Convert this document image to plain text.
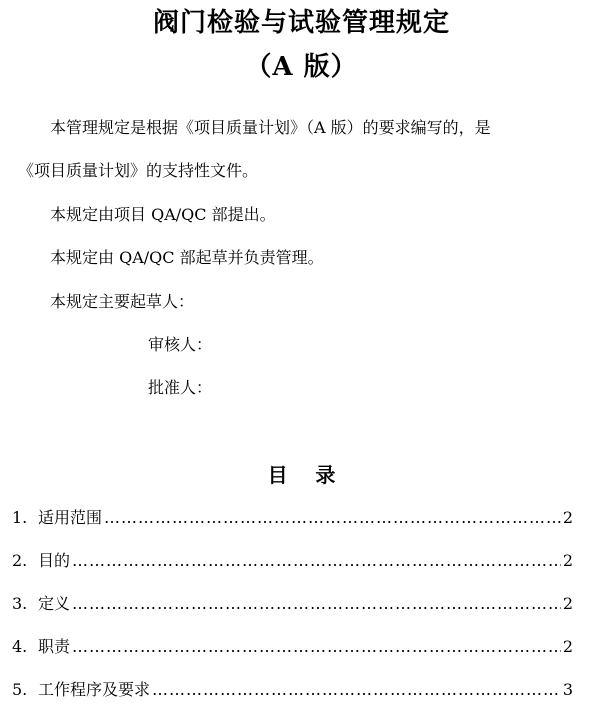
阀门检验与试验管理规定
（A 版）
本管理规定是根据《项目质量计划》（A 版）的要求编写的，是
《项目质量计划》的支持性文件。
本规定由项目 QA/QC 部提出。
本规定由 QA/QC 部起草并负责管理。
本规定主要起草人：
审核人：
批准人：
目    录
1. 适用范围 ……………………………………………………………………………………………………………………………………	2
2. 目的 ……………………………………………………………………………………………………………………………………	2
3. 定义 ……………………………………………………………………………………………………………………………………	2
4. 职责 ……………………………………………………………………………………………………………………………………	2
5. 工作程序及要求 ……………………………………………………………………………………………………………………………………	3
